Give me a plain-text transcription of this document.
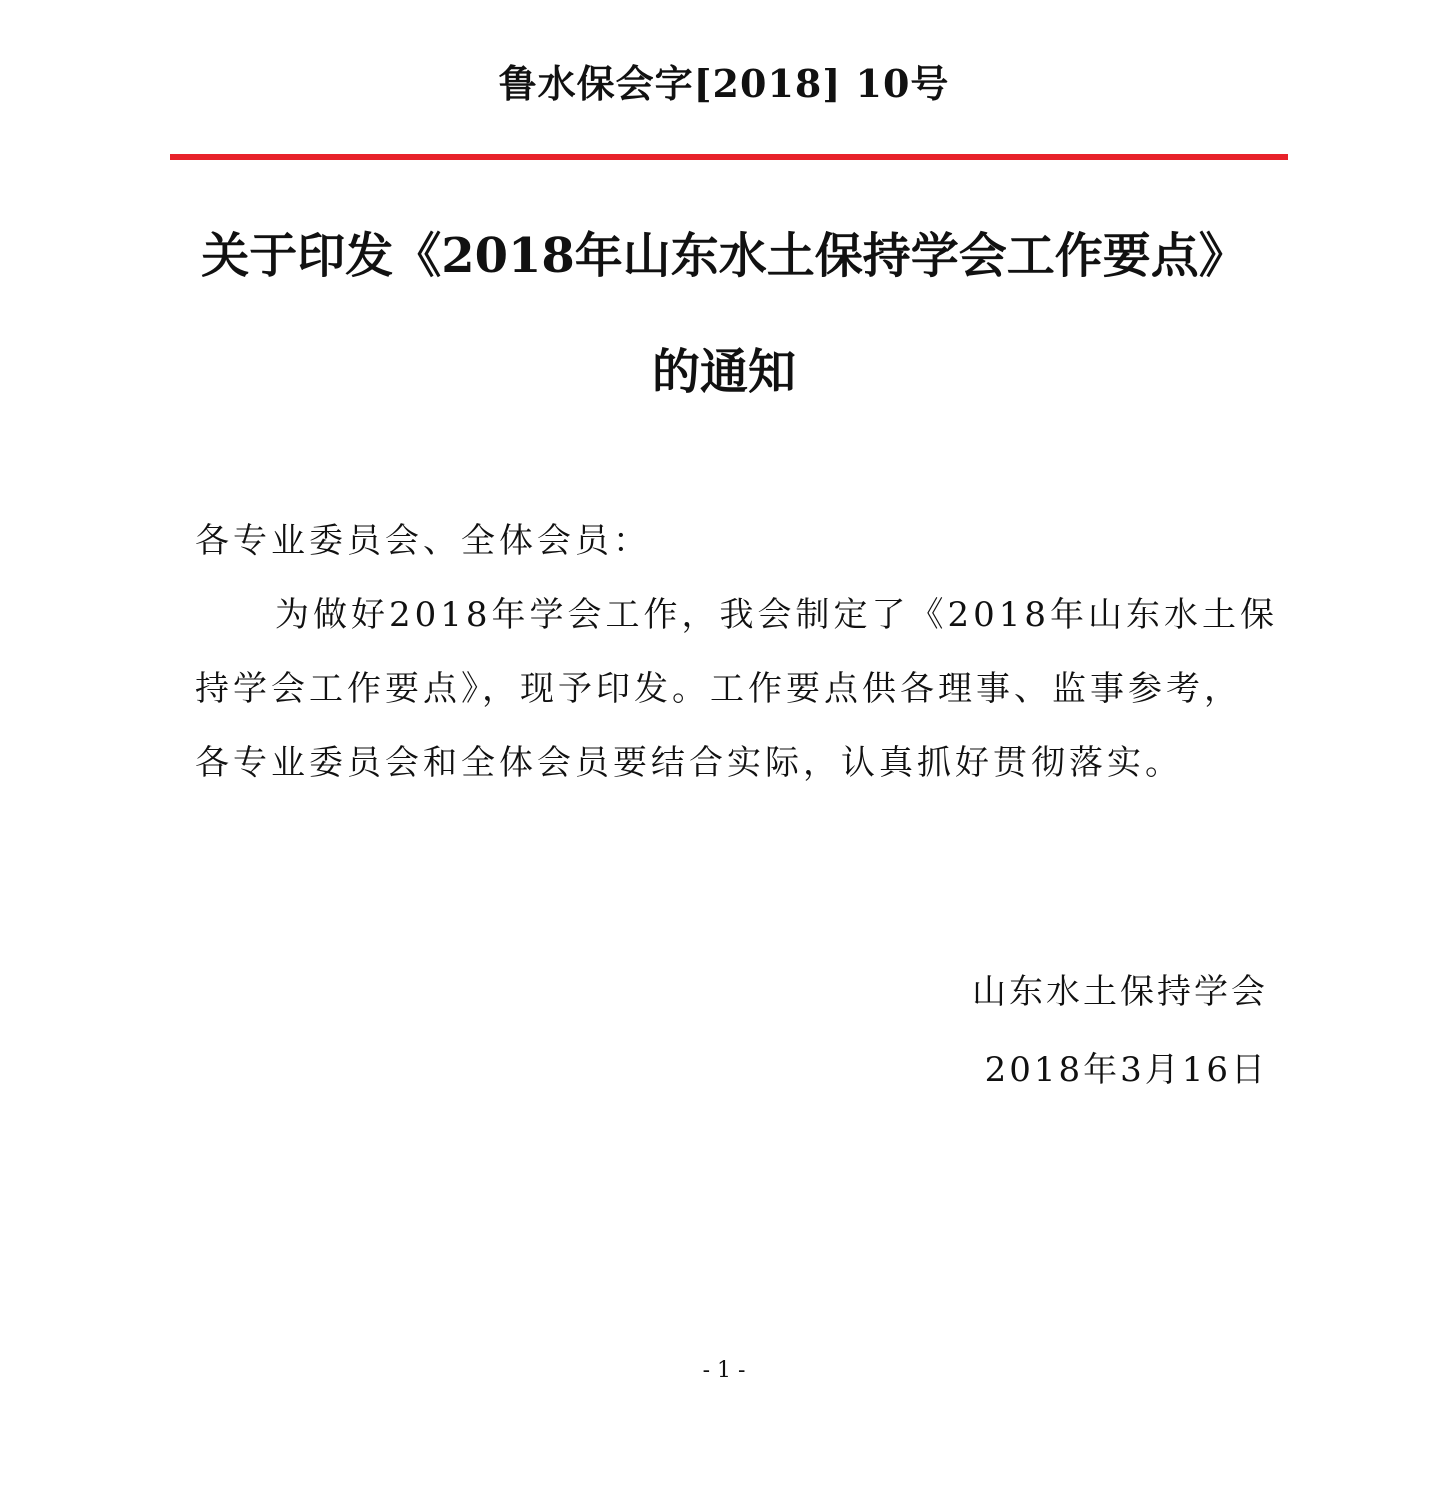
鲁水保会字[2018] 10号
关于印发《2018年山东水土保持学会工作要点》
的通知
各专业委员会、全体会员：
为做好2018年学会工作，我会制定了《2018年山东水土保
持学会工作要点》，现予印发。工作要点供各理事、监事参考，
各专业委员会和全体会员要结合实际，认真抓好贯彻落实。
山东水土保持学会
2018年3月16日
- 1 -
